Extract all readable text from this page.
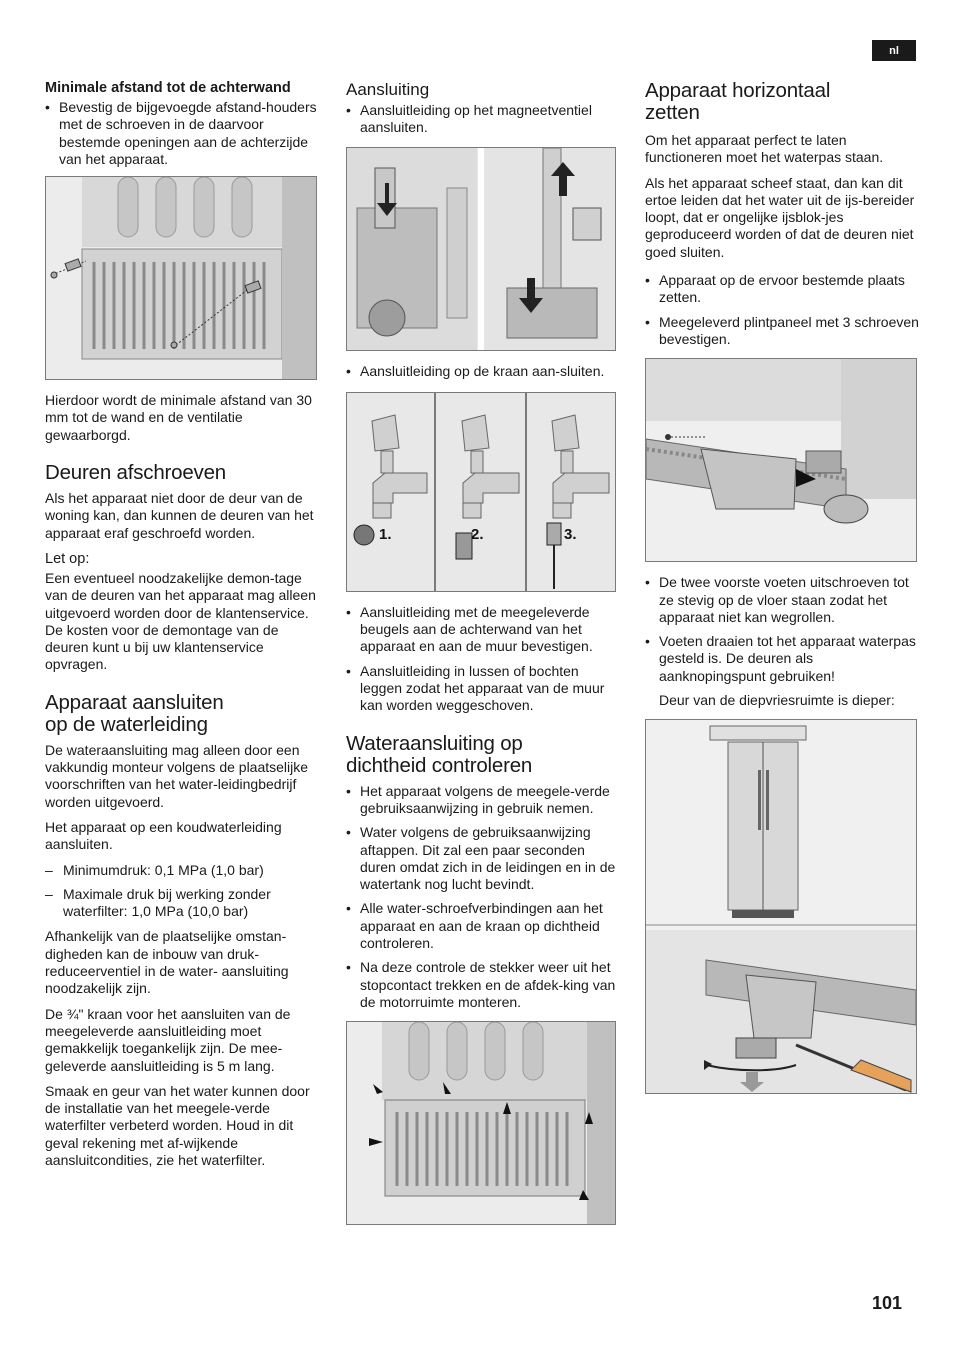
nl
Minimale afstand tot de achterwand
• Bevestig de bijgevoegde afstand-houders met de schroeven in de daarvoor bestemde openingen aan de achterzijde van het apparaat.
Hierdoor wordt de minimale afstand van 30 mm tot de wand en de ventilatie gewaarborgd.
Deuren afschroeven
Als het apparaat niet door de deur van de woning kan, dan kunnen de deuren van het apparaat eraf geschroefd worden.
Let op:
Een eventueel noodzakelijke demon-tage van de deuren van het apparaat mag alleen uitgevoerd worden door de klantenservice. De kosten voor de demontage van de deuren kunt u bij uw klantenservice opvragen.
Apparaat aansluiten
op de waterleiding
De wateraansluiting mag alleen door een vakkundig monteur volgens de plaatselijke voorschriften van het water-leidingbedrijf worden uitgevoerd.
Het apparaat op een koudwaterleiding aansluiten.
– Minimumdruk: 0,1 MPa (1,0 bar)
– Maximale druk bij werking zonder waterfilter: 1,0 MPa (10,0 bar)
Afhankelijk van de plaatselijke omstan-digheden kan de inbouw van druk-reduceerventiel in de water- aansluiting noodzakelijk zijn.
De ¾" kraan voor het aansluiten van de meegeleverde aansluitleiding moet gemakkelijk toegankelijk zijn. De mee-geleverde aansluitleiding is 5 m lang.
Smaak en geur van het water kunnen door de installatie van het meegele-verde waterfilter verbeterd worden. Houd in dit geval rekening met af-wijkende aansluitcondities, zie het waterfilter.
Aansluiting
• Aansluitleiding op het magneetventiel aansluiten.
• Aansluitleiding op de kraan aan-sluiten.
1.	2.	3.
• Aansluitleiding met de meegeleverde beugels aan de achterwand van het apparaat en aan de muur bevestigen.
• Aansluitleiding in lussen of bochten leggen zodat het apparaat van de muur kan worden weggeschoven.
Wateraansluiting op
dichtheid controleren
• Het apparaat volgens de meegele-verde gebruiksaanwijzing in gebruik nemen.
• Water volgens de gebruiksaanwijzing aftappen. Dit zal een paar seconden duren omdat zich in de leidingen en in de watertank nog lucht bevindt.
• Alle water-schroefverbindingen aan het apparaat en aan de kraan op dichtheid controleren.
• Na deze controle de stekker weer uit het stopcontact trekken en de afdek-king van de motorruimte monteren.
Apparaat horizontaal
zetten
Om het apparaat perfect te laten functioneren moet het waterpas staan.
Als het apparaat scheef staat, dan kan dit ertoe leiden dat het water uit de ijs-bereider loopt, dat er ongelijke ijsblok-jes geproduceerd worden of dat de deuren niet goed sluiten.
• Apparaat op de ervoor bestemde plaats zetten.
• Meegeleverd plintpaneel met 3 schroeven bevestigen.
• De twee voorste voeten uitschroeven tot ze stevig op de vloer staan zodat het apparaat niet kan wegrollen.
• Voeten draaien tot het apparaat waterpas gesteld is. De deuren als aanknopingspunt gebruiken!
Deur van de diepvriesruimte is dieper:
101
